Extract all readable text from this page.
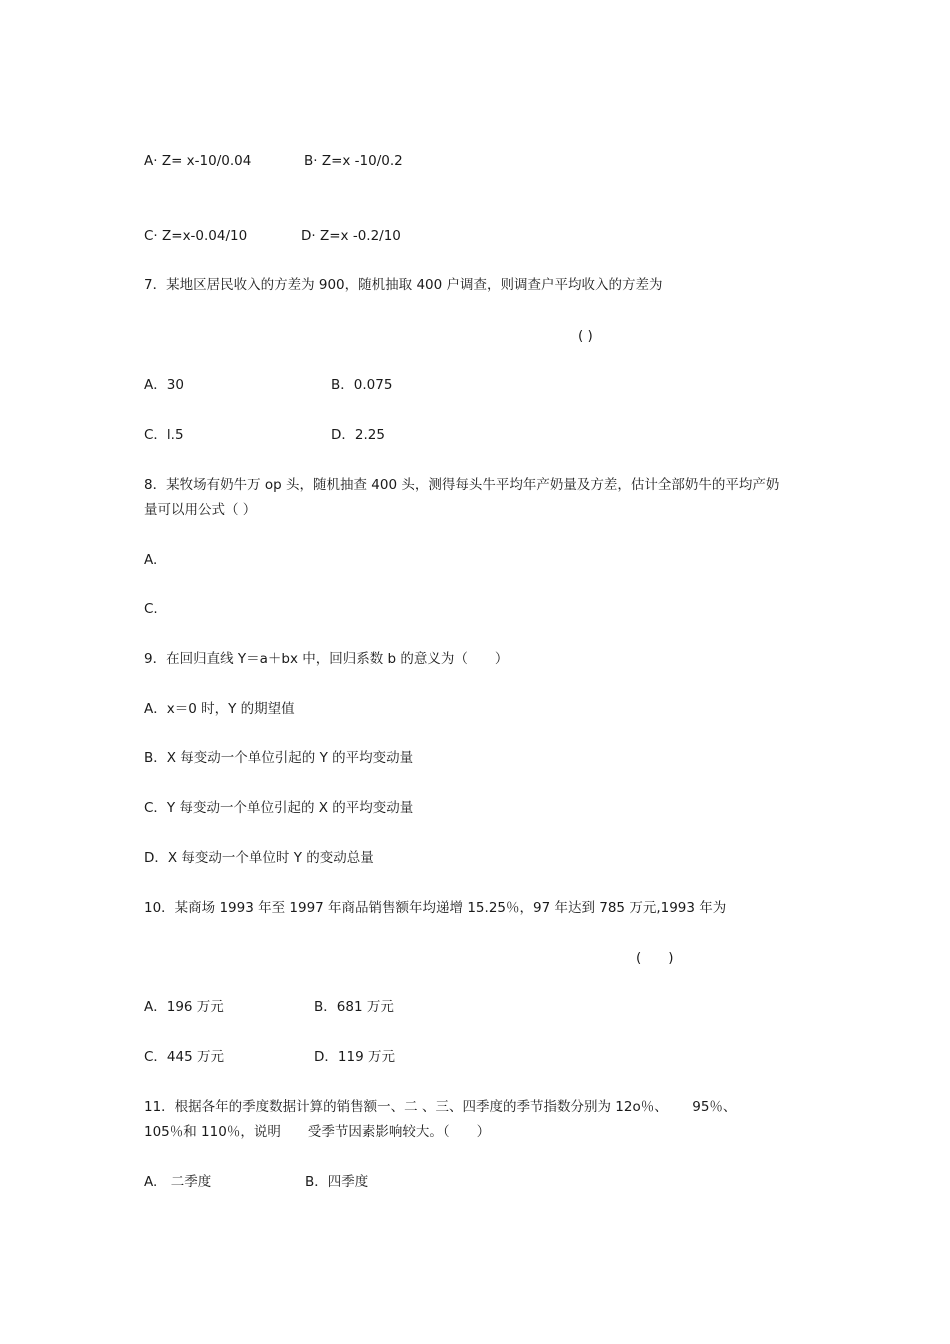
A· Z= x-10/0.04	B· Z=x -10/0.2
C· Z=x-0.04/10	D· Z=x -0.2/10
7．某地区居民收入的方差为 900，随机抽取 400 户调查，则调查户平均收入的方差为
( )
A．30	B．0.075
C．l.5	D．2.25
8．某牧场有奶牛万 op 头，随机抽查 400 头，测得每头牛平均年产奶量及方差，估计全部奶牛的平均产奶
量可以用公式（ ）
A.
C.
9．在回归直线 Y＝a＋bx 中，回归系数 b 的意义为（　　）
A．x＝0 时，Y 的期望值
B．X 每变动一个单位引起的 Y 的平均变动量
C．Y 每变动一个单位引起的 X 的平均变动量
D．X 每变动一个单位时 Y 的变动总量
10．某商场 1993 年至 1997 年商品销售额年均递增 15.25％，97 年达到 785 万元,1993 年为
(　　)
A．196 万元	B．681 万元
C．445 万元	D．119 万元
11．根据各年的季度数据计算的销售额一、二 、三、四季度的季节指数分别为 12o％、　　 95％、
105％和 110％，说明　　受季节因素影响较大。（　　）
A.　二季度	B．四季度
